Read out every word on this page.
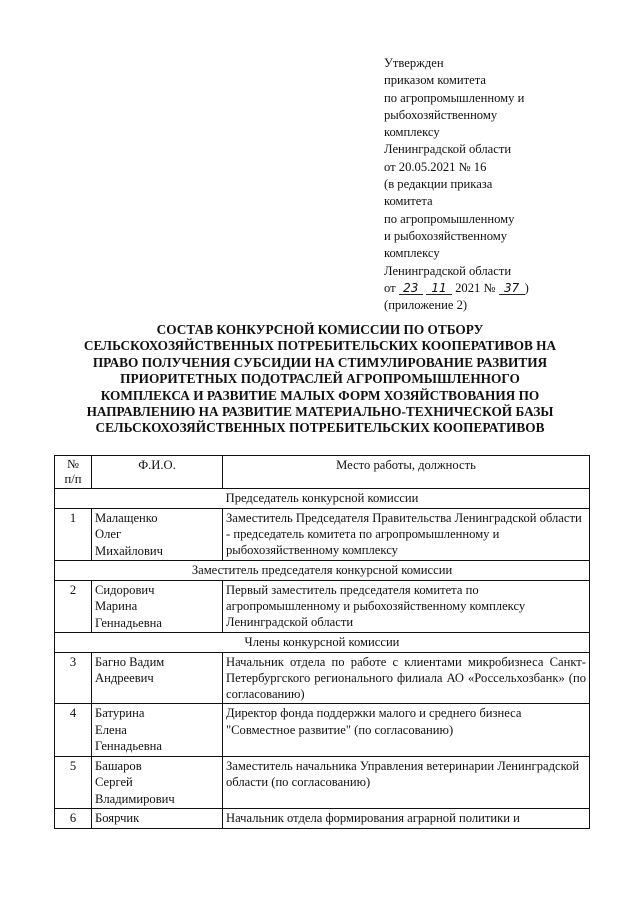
Утвержден
приказом комитета
по агропромышленному и
рыбохозяйственному
комплексу
Ленинградской области
от 20.05.2021 № 16
(в редакции приказа
комитета
по агропромышленному
и рыбохозяйственному
комплексу
Ленинградской области
от 23 11 2021 № 37 )
(приложение 2)
СОСТАВ КОНКУРСНОЙ КОМИССИИ ПО ОТБОРУ
СЕЛЬСКОХОЗЯЙСТВЕННЫХ ПОТРЕБИТЕЛЬСКИХ КООПЕРАТИВОВ НА
ПРАВО ПОЛУЧЕНИЯ СУБСИДИИ НА СТИМУЛИРОВАНИЕ РАЗВИТИЯ
ПРИОРИТЕТНЫХ ПОДОТРАСЛЕЙ АГРОПРОМЫШЛЕННОГО
КОМПЛЕКСА И РАЗВИТИЕ МАЛЫХ ФОРМ ХОЗЯЙСТВОВАНИЯ ПО
НАПРАВЛЕНИЮ НА РАЗВИТИЕ МАТЕРИАЛЬНО-ТЕХНИЧЕСКОЙ БАЗЫ
СЕЛЬСКОХОЗЯЙСТВЕННЫХ ПОТРЕБИТЕЛЬСКИХ КООПЕРАТИВОВ
№
п/п	Ф.И.О.	Место работы, должность
Председатель конкурсной комиссии		
1	Малащенко
Олег
Михайлович	Заместитель Председателя Правительства Ленинградской области - председатель комитета по агропромышленному и рыбохозяйственному комплексу
Заместитель председателя конкурсной комиссии		
2	Сидорович
Марина
Геннадьевна	Первый заместитель председателя комитета по агропромышленному и рыбохозяйственному комплексу Ленинградской области
Члены конкурсной комиссии		
3	Багно Вадим
Андреевич	Начальник отдела по работе с клиентами микробизнеса Санкт-Петербургского регионального филиала АО «Россельхозбанк» (по согласованию)
4	Батурина
Елена
Геннадьевна	Директор фонда поддержки малого и среднего бизнеса "Совместное развитие" (по согласованию)
5	Башаров
Сергей
Владимирович	Заместитель начальника Управления ветеринарии Ленинградской области (по согласованию)
6	Боярчик	Начальник отдела формирования аграрной политики и
